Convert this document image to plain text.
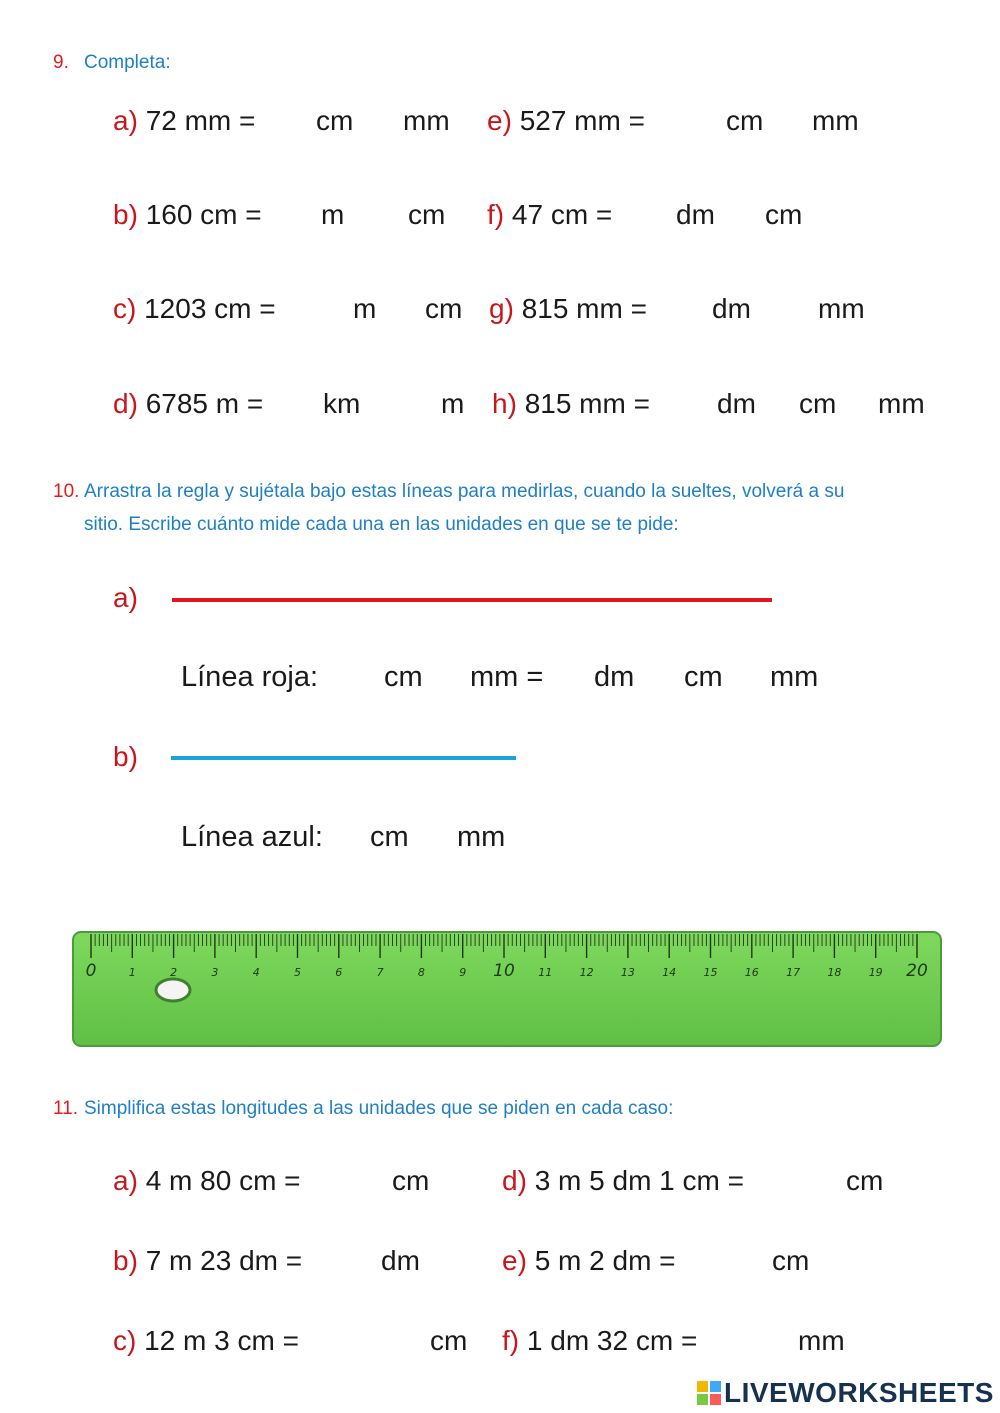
9. Completa:
a) 72 mm = cm mm
b) 160 cm = m cm
c) 1203 cm =	m cm
d) 6785 m = km	m
e) 527 mm =	cm mm
f) 47 cm = dm cm
g) 815 mm = dm mm
h) 815 mm = dm cm mm
10. Arrastra la regla y sujétala bajo estas líneas para medirlas, cuando la sueltes, volverá a su
sitio. Escribe cuánto mide cada una en las unidades en que se te pide:
a)
Línea roja: cm mm = dm cm mm
b)
Línea azul: cm mm
0	1	2	3	4	5	6	7	8	9 10 11 12 13 14 15 16 17 18 19 20
11. Simplifica estas longitudes a las unidades que se piden en cada caso:
a) 4 m 80 cm =	cm
b) 7 m 23 dm =	dm
c) 12 m 3 cm =	cm
d) 3 m 5 dm 1 cm =	cm
e) 5 m 2 dm =	cm
f) 1 dm 32 cm =	mm
LIVEWORKSHEETS
